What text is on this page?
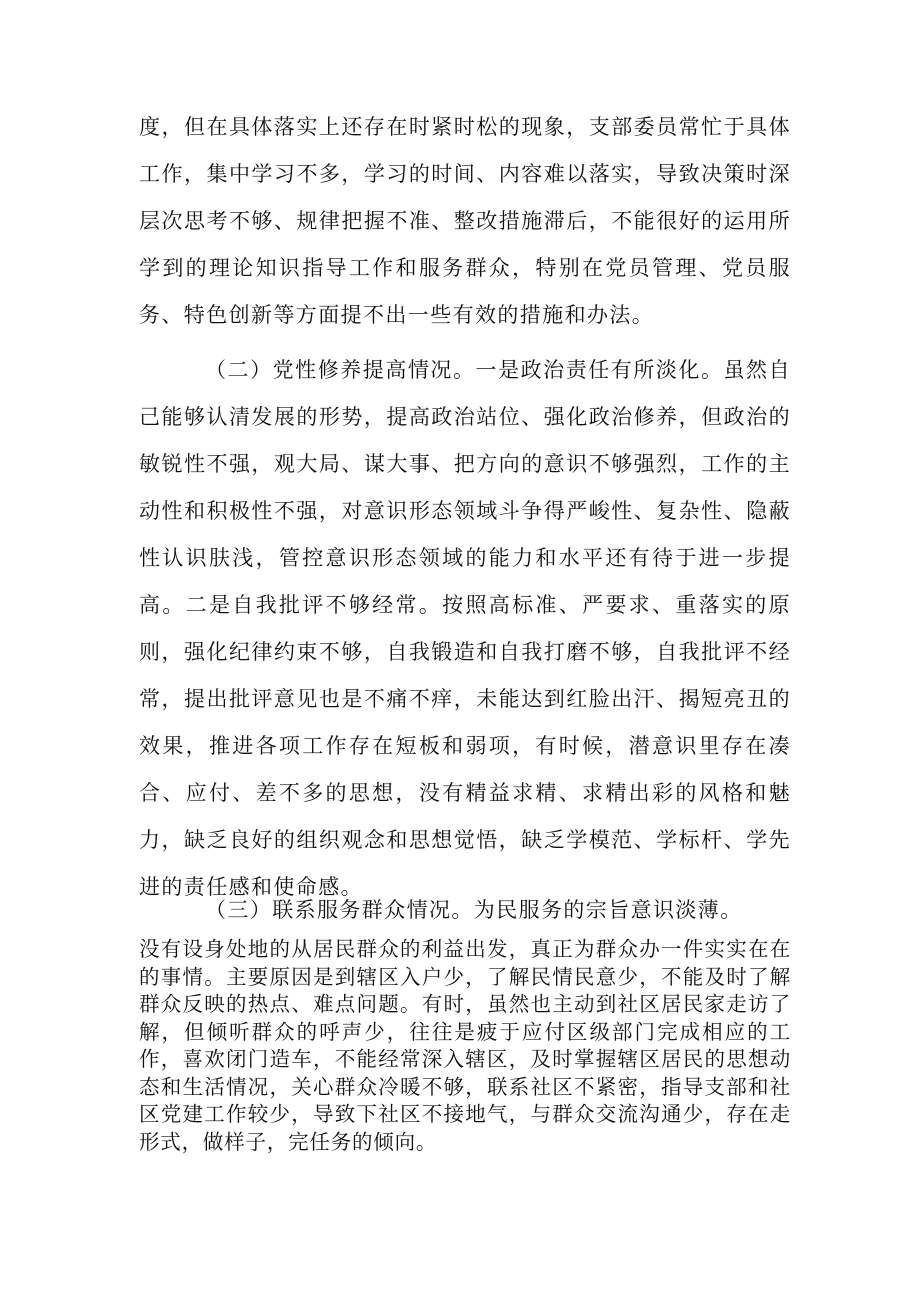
度，但在具体落实上还存在时紧时松的现象，支部委员常忙于具体工作，集中学习不多，学习的时间、内容难以落实，导致决策时深层次思考不够、规律把握不准、整改措施滞后，不能很好的运用所学到的理论知识指导工作和服务群众，特别在党员管理、党员服务、特色创新等方面提不出一些有效的措施和办法。

（二）党性修养提高情况。一是政治责任有所淡化。虽然自己能够认清发展的形势，提高政治站位、强化政治修养，但政治的敏锐性不强，观大局、谋大事、把方向的意识不够强烈，工作的主动性和积极性不强，对意识形态领域斗争得严峻性、复杂性、隐蔽性认识肤浅，管控意识形态领域的能力和水平还有待于进一步提高。二是自我批评不够经常。按照高标准、严要求、重落实的原则，强化纪律约束不够，自我锻造和自我打磨不够，自我批评不经常，提出批评意见也是不痛不痒，未能达到红脸出汗、揭短亮丑的效果，推进各项工作存在短板和弱项，有时候，潜意识里存在凑合、应付、差不多的思想，没有精益求精、求精出彩的风格和魅力，缺乏良好的组织观念和思想觉悟，缺乏学模范、学标杆、学先进的责任感和使命感。

（三）联系服务群众情况。为民服务的宗旨意识淡薄。

没有设身处地的从居民群众的利益出发，真正为群众办一件实实在在的事情。主要原因是到辖区入户少，了解民情民意少，不能及时了解群众反映的热点、难点问题。有时，虽然也主动到社区居民家走访了解，但倾听群众的呼声少，往往是疲于应付区级部门完成相应的工作，喜欢闭门造车，不能经常深入辖区，及时掌握辖区居民的思想动态和生活情况，关心群众冷暖不够，联系社区不紧密，指导支部和社区党建工作较少，导致下社区不接地气，与群众交流沟通少，存在走形式，做样子，完任务的倾向。
